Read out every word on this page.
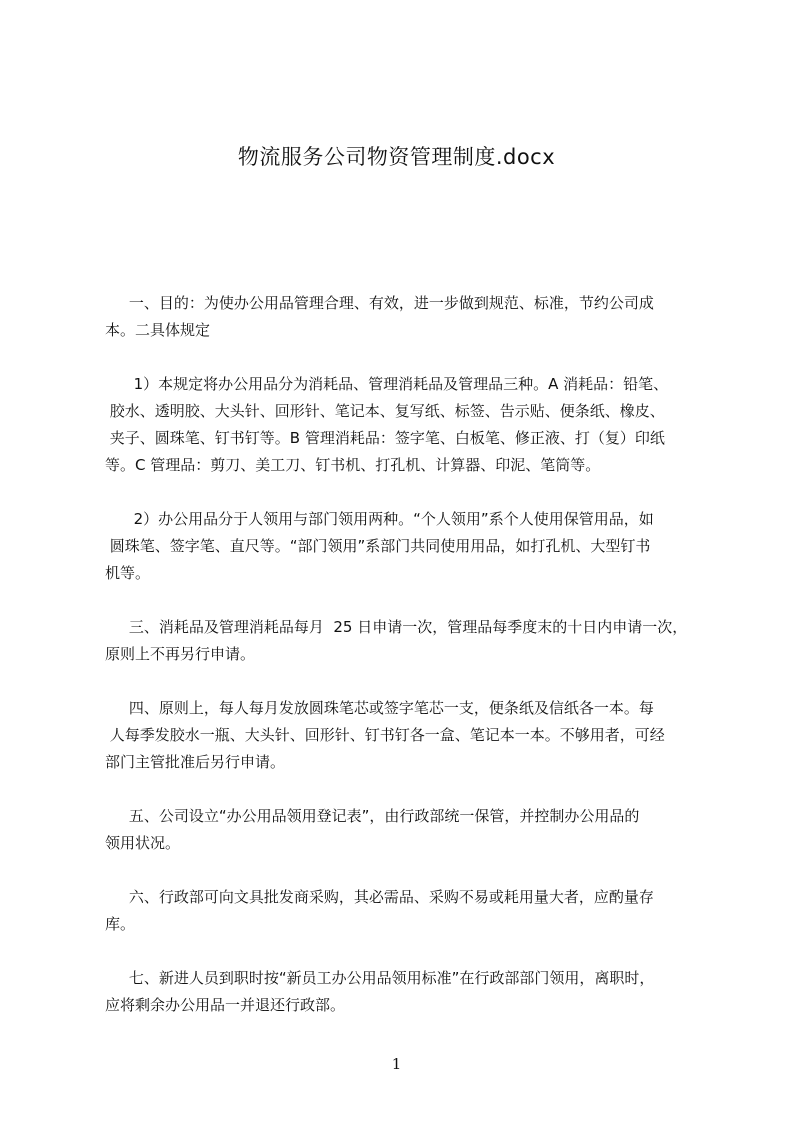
物流服务公司物资管理制度.docx
一、目的：为使办公用品管理合理、有效，进一步做到规范、标准，节约公司成
本。二具体规定
1）本规定将办公用品分为消耗品、管理消耗品及管理品三种。A 消耗品：铅笔、
胶水、透明胶、大头针、回形针、笔记本、复写纸、标签、告示贴、便条纸、橡皮、
夹子、圆珠笔、钉书钉等。B 管理消耗品：签字笔、白板笔、修正液、打（复）印纸
等。C 管理品：剪刀、美工刀、钉书机、打孔机、计算器、印泥、笔筒等。
2）办公用品分于人领用与部门领用两种。“个人领用”系个人使用保管用品，如
圆珠笔、签字笔、直尺等。“部门领用”系部门共同使用用品，如打孔机、大型钉书
机等。
三、消耗品及管理消耗品每月  25 日申请一次，管理品每季度末的十日内申请一次，
原则上不再另行申请。
四、原则上，每人每月发放圆珠笔芯或签字笔芯一支，便条纸及信纸各一本。每
人每季发胶水一瓶、大头针、回形针、钉书钉各一盒、笔记本一本。不够用者，可经
部门主管批准后另行申请。
五、公司设立“办公用品领用登记表”，由行政部统一保管，并控制办公用品的
领用状况。
六、行政部可向文具批发商采购，其必需品、采购不易或耗用量大者，应酌量存
库。
七、新进人员到职时按“新员工办公用品领用标准”在行政部部门领用，离职时，
应将剩余办公用品一并退还行政部。
1
